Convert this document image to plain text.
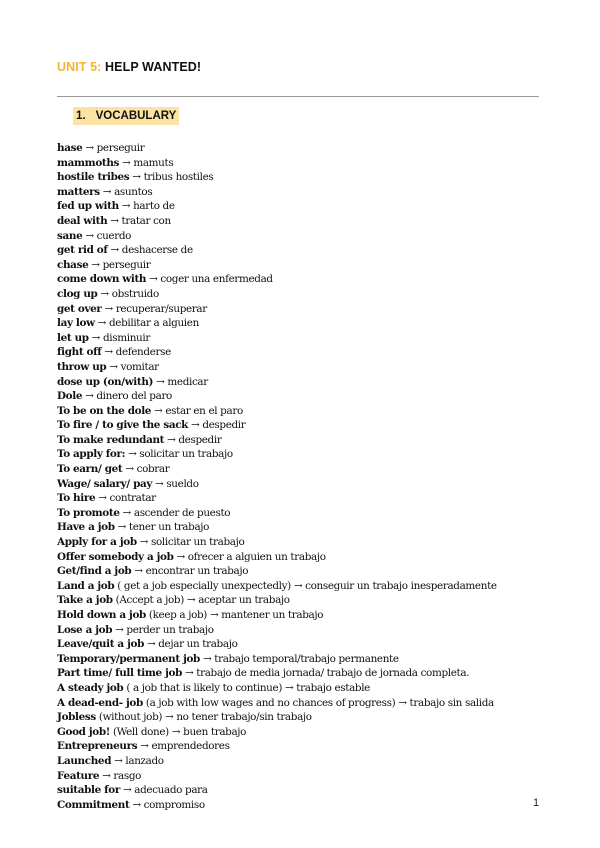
UNIT 5: HELP WANTED!
1. VOCABULARY
hase → perseguir
mammoths → mamuts
hostile tribes → tribus hostiles
matters → asuntos
fed up with → harto de
deal with → tratar con
sane → cuerdo
get rid of → deshacerse de
chase → perseguir
come down with → coger una enfermedad
clog up → obstruido
get over → recuperar/superar
lay low → debilitar a alguien
let up → disminuir
fight off → defenderse
throw up → vomitar
dose up (on/with) → medicar
Dole → dinero del paro
To be on the dole → estar en el paro
To fire / to give the sack → despedir
To make redundant → despedir
To apply for: → solicitar un trabajo
To earn/ get → cobrar
Wage/ salary/ pay → sueldo
To hire → contratar
To promote → ascender de puesto
Have a job → tener un trabajo
Apply for a job → solicitar un trabajo
Offer somebody a job → ofrecer a alguien un trabajo
Get/find a job → encontrar un trabajo
Land a job ( get a job especially unexpectedly) → conseguir un trabajo inesperadamente
Take a job (Accept a job) → aceptar un trabajo
Hold down a job (keep a job) → mantener un trabajo
Lose a job → perder un trabajo
Leave/quit a job → dejar un trabajo
Temporary/permanent job → trabajo temporal/trabajo permanente
Part time/ full time job → trabajo de media jornada/ trabajo de jornada completa.
A steady job ( a job that is likely to continue) → trabajo estable
A dead-end- job (a job with low wages and no chances of progress) → trabajo sin salida
Jobless (without job) → no tener trabajo/sin trabajo
Good job! (Well done) → buen trabajo
Entrepreneurs → emprendedores
Launched → lanzado
Feature → rasgo
suitable for → adecuado para
Commitment → compromiso	1
